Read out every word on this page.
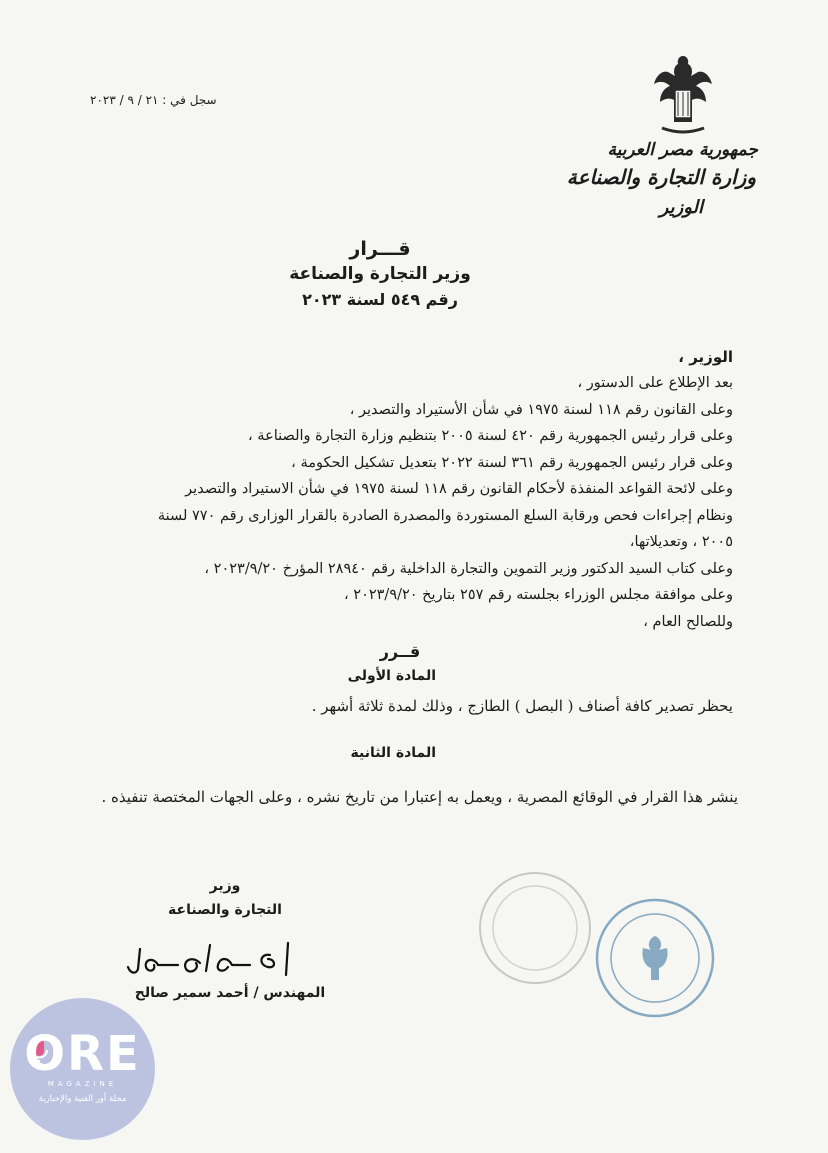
سجل في : ٢١ / ٩ / ٢٠٢٣
جمهورية مصر العربية
وزارة التجارة والصناعة
الوزير
قـــرار
وزير التجارة والصناعة
رقم ٥٤٩ لسنة ٢٠٢٣
الوزير ،
بعد الإطلاع على الدستور ،
وعلى القانون رقم ١١٨ لسنة ١٩٧٥ في شأن الأستيراد والتصدير ،
وعلى قرار رئيس الجمهورية رقم ٤٢٠ لسنة ٢٠٠٥ بتنظيم وزارة التجارة والصناعة ،
وعلى قرار رئيس الجمهورية رقم ٣٦١ لسنة ٢٠٢٢ بتعديل تشكيل الحكومة ،
وعلى لائحة القواعد المنفذة لأحكام القانون رقم ١١٨ لسنة ١٩٧٥ في شأن الاستيراد والتصدير
ونظام إجراءات فحص ورقابة السلع المستوردة والمصدرة الصادرة بالقرار الوزارى رقم ٧٧٠ لسنة
٢٠٠٥ ، وتعديلاتها،
وعلى كتاب السيد الدكتور وزير التموين والتجارة الداخلية رقم ٢٨٩٤٠ المؤرخ ٢٠٢٣/٩/٢٠ ،
وعلى موافقة مجلس الوزراء بجلسته رقم ٢٥٧ بتاريخ ٢٠٢٣/٩/٢٠ ،
وللصالح العام ،
قــرر
المادة الأولى
يحظر تصدير كافة أصناف ( البصل ) الطازج ، وذلك لمدة ثلاثة أشهر .
المادة الثانية
ينشر هذا القرار في الوقائع المصرية ، ويعمل به إعتبارا من تاريخ نشره ، وعلى الجهات المختصة تنفيذه .
وزير
التجارة والصناعة
المهندس / أحمد سمير صالح
ORE
MAGAZINE
مجلة أور الفنية والإخبارية
